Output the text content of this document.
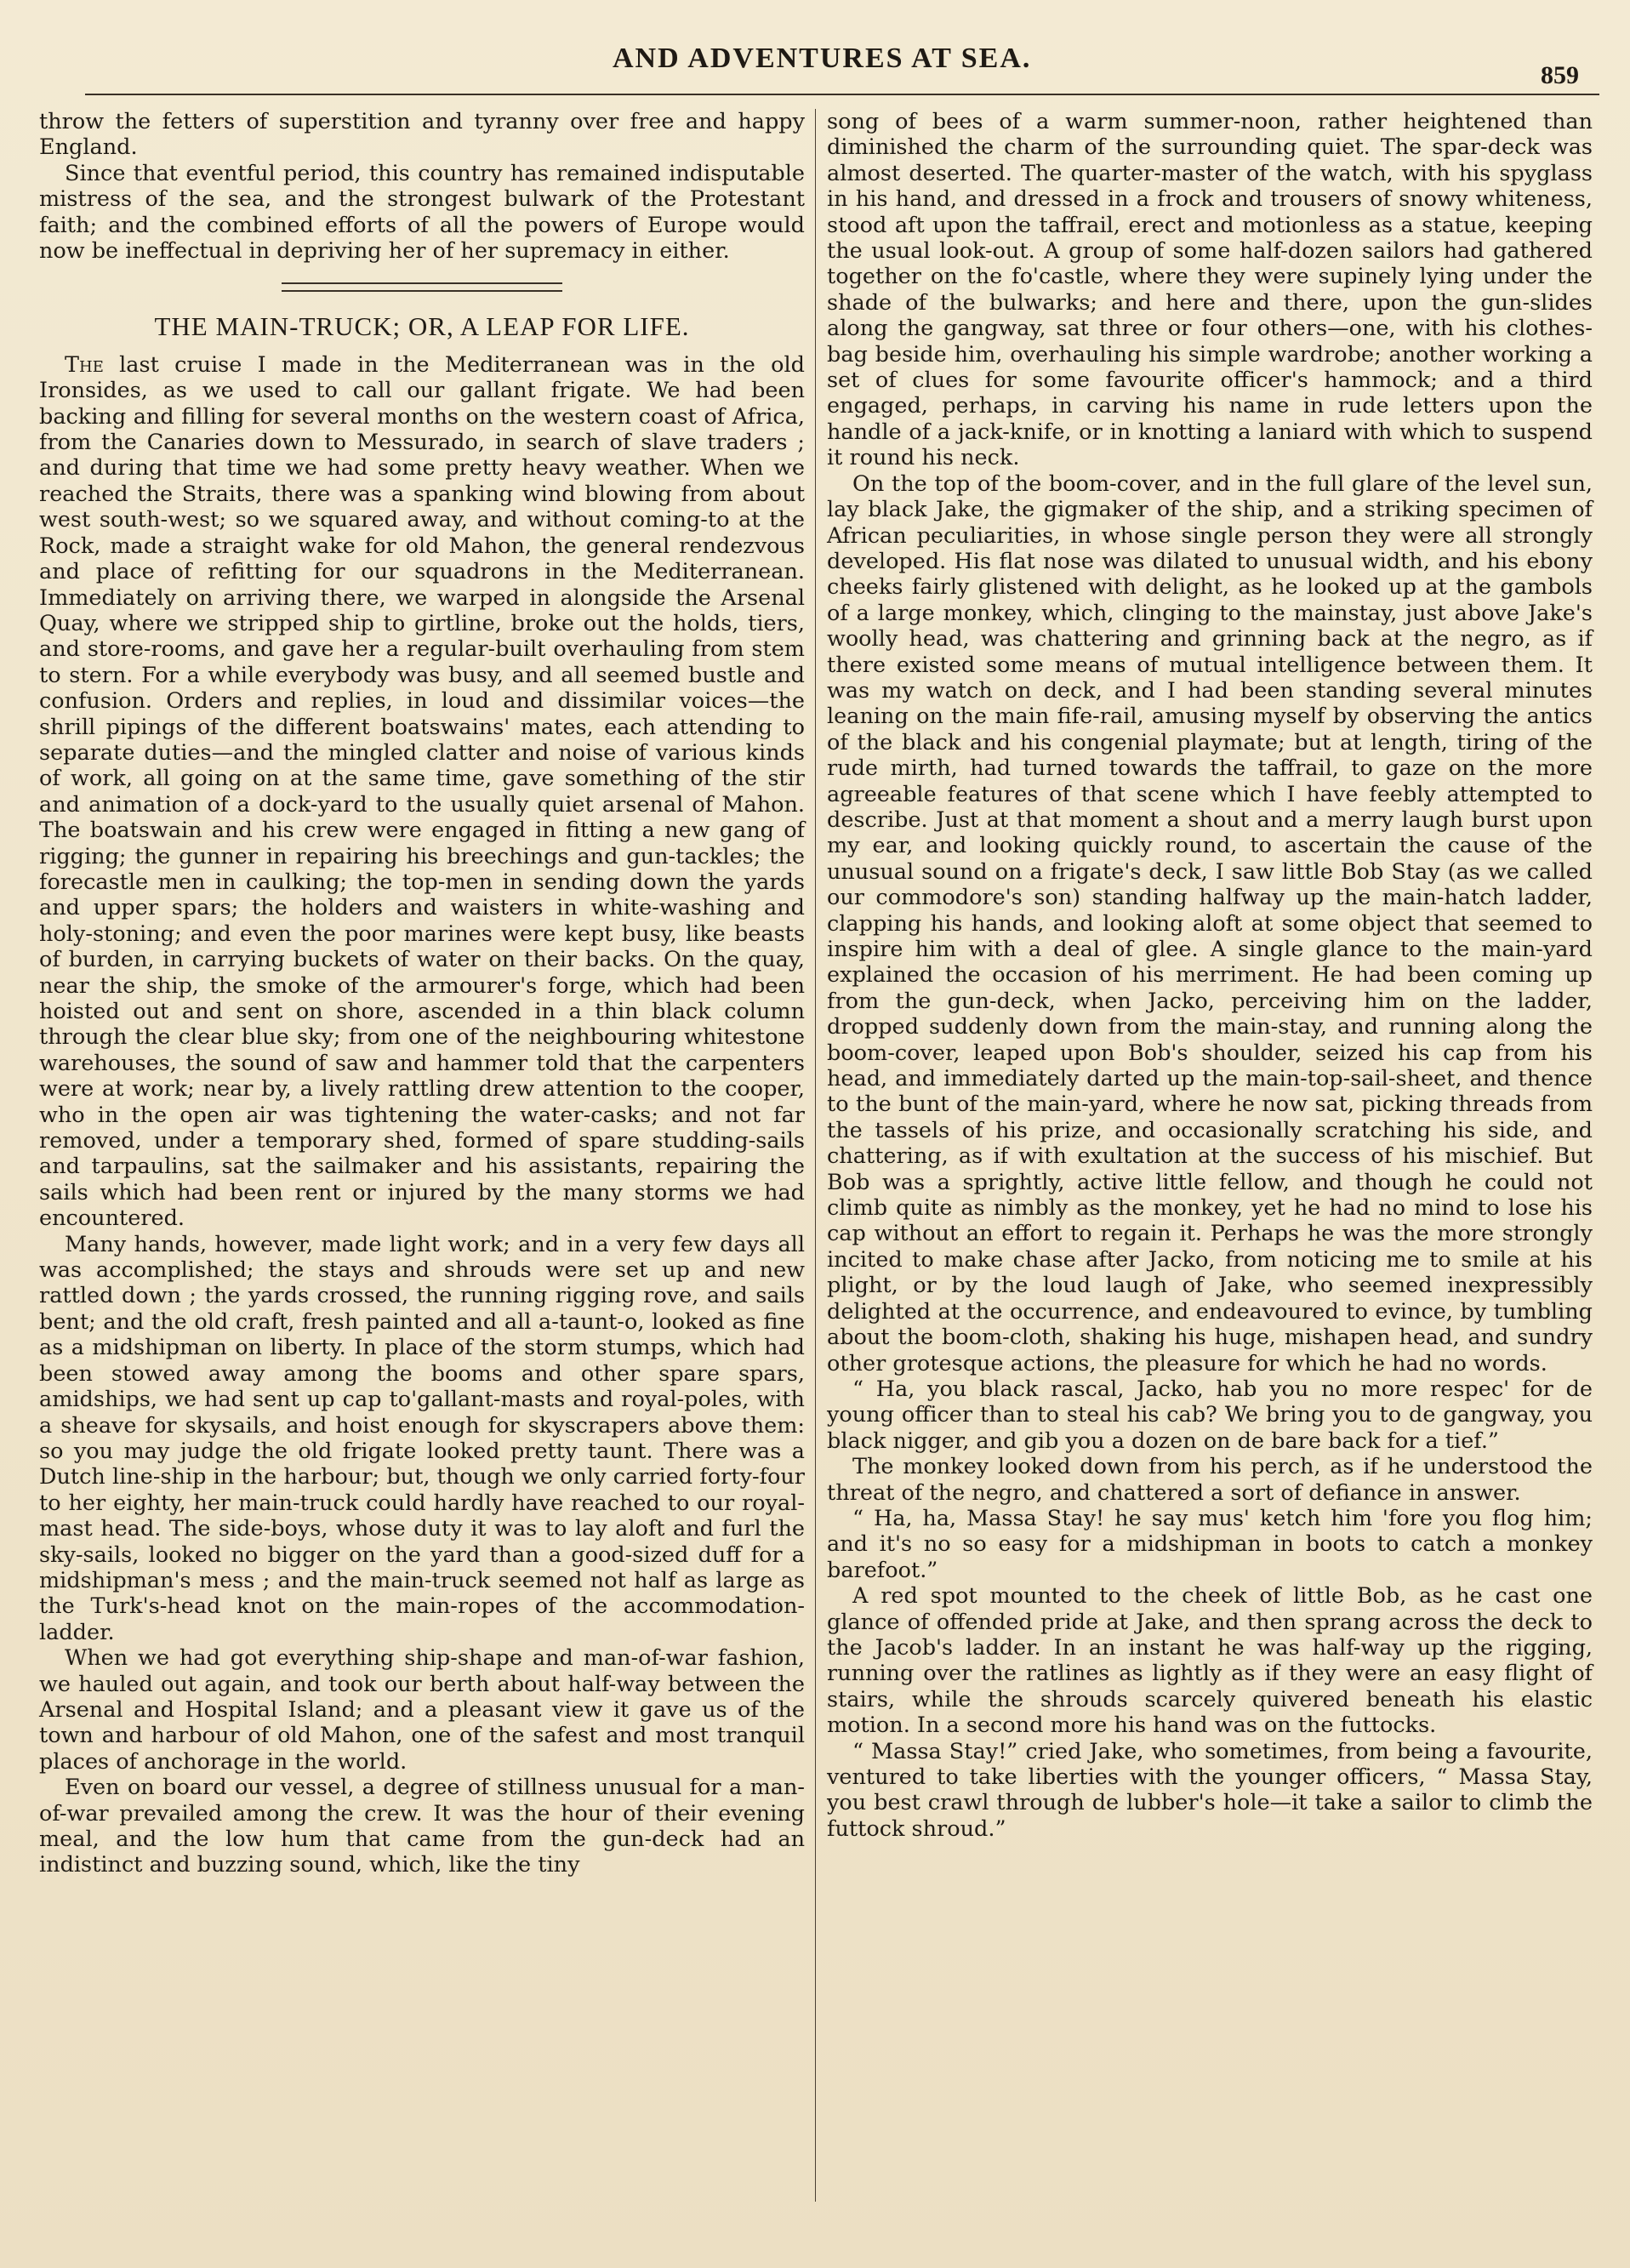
AND ADVENTURES AT SEA.
859

throw the fetters of superstition and tyranny over free and happy England.

Since that eventful period, this country has remained indisputable mistress of the sea, and the strongest bulwark of the Protestant faith; and the combined efforts of all the powers of Europe would now be ineffectual in depriving her of her supremacy in either.

THE MAIN-TRUCK; OR, A LEAP FOR LIFE.

The last cruise I made in the Mediterranean was in the old Ironsides, as we used to call our gallant frigate. We had been backing and filling for several months on the western coast of Africa, from the Canaries down to Messurado, in search of slave traders ; and during that time we had some pretty heavy weather. When we reached the Straits, there was a spanking wind blowing from about west south-west; so we squared away, and without coming-to at the Rock, made a straight wake for old Mahon, the general rendezvous and place of refitting for our squadrons in the Mediterranean. Immediately on arriving there, we warped in alongside the Arsenal Quay, where we stripped ship to girtline, broke out the holds, tiers, and store-rooms, and gave her a regular-built overhauling from stem to stern. For a while everybody was busy, and all seemed bustle and confusion. Orders and replies, in loud and dissimilar voices—the shrill pipings of the different boatswains' mates, each attending to separate duties—and the mingled clatter and noise of various kinds of work, all going on at the same time, gave something of the stir and animation of a dock-yard to the usually quiet arsenal of Mahon. The boatswain and his crew were engaged in fitting a new gang of rigging; the gunner in repairing his breechings and gun-tackles; the forecastle men in caulking; the top-men in sending down the yards and upper spars; the holders and waisters in white-washing and holy-stoning; and even the poor marines were kept busy, like beasts of burden, in carrying buckets of water on their backs. On the quay, near the ship, the smoke of the armourer's forge, which had been hoisted out and sent on shore, ascended in a thin black column through the clear blue sky; from one of the neighbouring whitestone warehouses, the sound of saw and hammer told that the carpenters were at work; near by, a lively rattling drew attention to the cooper, who in the open air was tightening the water-casks; and not far removed, under a temporary shed, formed of spare studding-sails and tarpaulins, sat the sailmaker and his assistants, repairing the sails which had been rent or injured by the many storms we had encountered.

Many hands, however, made light work; and in a very few days all was accomplished; the stays and shrouds were set up and new rattled down ; the yards crossed, the running rigging rove, and sails bent; and the old craft, fresh painted and all a-taunt-o, looked as fine as a midshipman on liberty. In place of the storm stumps, which had been stowed away among the booms and other spare spars, amidships, we had sent up cap to'gallant-masts and royal-poles, with a sheave for skysails, and hoist enough for skyscrapers above them: so you may judge the old frigate looked pretty taunt. There was a Dutch line-ship in the harbour; but, though we only carried forty-four to her eighty, her main-truck could hardly have reached to our royal-mast head. The side-boys, whose duty it was to lay aloft and furl the sky-sails, looked no bigger on the yard than a good-sized duff for a midshipman's mess ; and the main-truck seemed not half as large as the Turk's-head knot on the main-ropes of the accommodation-ladder.

When we had got everything ship-shape and man-of-war fashion, we hauled out again, and took our berth about half-way between the Arsenal and Hospital Island; and a pleasant view it gave us of the town and harbour of old Mahon, one of the safest and most tranquil places of anchorage in the world.

Even on board our vessel, a degree of stillness unusual for a man-of-war prevailed among the crew. It was the hour of their evening meal, and the low hum that came from the gun-deck had an indistinct and buzzing sound, which, like the tiny

song of bees of a warm summer-noon, rather heightened than diminished the charm of the surrounding quiet. The spar-deck was almost deserted. The quarter-master of the watch, with his spyglass in his hand, and dressed in a frock and trousers of snowy whiteness, stood aft upon the taffrail, erect and motionless as a statue, keeping the usual look-out. A group of some half-dozen sailors had gathered together on the fo'castle, where they were supinely lying under the shade of the bulwarks; and here and there, upon the gun-slides along the gangway, sat three or four others—one, with his clothes-bag beside him, overhauling his simple wardrobe; another working a set of clues for some favourite officer's hammock; and a third engaged, perhaps, in carving his name in rude letters upon the handle of a jack-knife, or in knotting a laniard with which to suspend it round his neck.

On the top of the boom-cover, and in the full glare of the level sun, lay black Jake, the gigmaker of the ship, and a striking specimen of African peculiarities, in whose single person they were all strongly developed. His flat nose was dilated to unusual width, and his ebony cheeks fairly glistened with delight, as he looked up at the gambols of a large monkey, which, clinging to the mainstay, just above Jake's woolly head, was chattering and grinning back at the negro, as if there existed some means of mutual intelligence between them. It was my watch on deck, and I had been standing several minutes leaning on the main fife-rail, amusing myself by observing the antics of the black and his congenial playmate; but at length, tiring of the rude mirth, had turned towards the taffrail, to gaze on the more agreeable features of that scene which I have feebly attempted to describe. Just at that moment a shout and a merry laugh burst upon my ear, and looking quickly round, to ascertain the cause of the unusual sound on a frigate's deck, I saw little Bob Stay (as we called our commodore's son) standing halfway up the main-hatch ladder, clapping his hands, and looking aloft at some object that seemed to inspire him with a deal of glee. A single glance to the main-yard explained the occasion of his merriment. He had been coming up from the gun-deck, when Jacko, perceiving him on the ladder, dropped suddenly down from the main-stay, and running along the boom-cover, leaped upon Bob's shoulder, seized his cap from his head, and immediately darted up the main-top-sail-sheet, and thence to the bunt of the main-yard, where he now sat, picking threads from the tassels of his prize, and occasionally scratching his side, and chattering, as if with exultation at the success of his mischief. But Bob was a sprightly, active little fellow, and though he could not climb quite as nimbly as the monkey, yet he had no mind to lose his cap without an effort to regain it. Perhaps he was the more strongly incited to make chase after Jacko, from noticing me to smile at his plight, or by the loud laugh of Jake, who seemed inexpressibly delighted at the occurrence, and endeavoured to evince, by tumbling about the boom-cloth, shaking his huge, mishapen head, and sundry other grotesque actions, the pleasure for which he had no words.

“ Ha, you black rascal, Jacko, hab you no more respec' for de young officer than to steal his cab? We bring you to de gangway, you black nigger, and gib you a dozen on de bare back for a tief.”

The monkey looked down from his perch, as if he understood the threat of the negro, and chattered a sort of defiance in answer.

“ Ha, ha, Massa Stay! he say mus' ketch him 'fore you flog him; and it's no so easy for a midshipman in boots to catch a monkey barefoot.”

A red spot mounted to the cheek of little Bob, as he cast one glance of offended pride at Jake, and then sprang across the deck to the Jacob's ladder. In an instant he was half-way up the rigging, running over the ratlines as lightly as if they were an easy flight of stairs, while the shrouds scarcely quivered beneath his elastic motion. In a second more his hand was on the futtocks.

“ Massa Stay!” cried Jake, who sometimes, from being a favourite, ventured to take liberties with the younger officers, “ Massa Stay, you best crawl through de lubber's hole—it take a sailor to climb the futtock shroud.”
